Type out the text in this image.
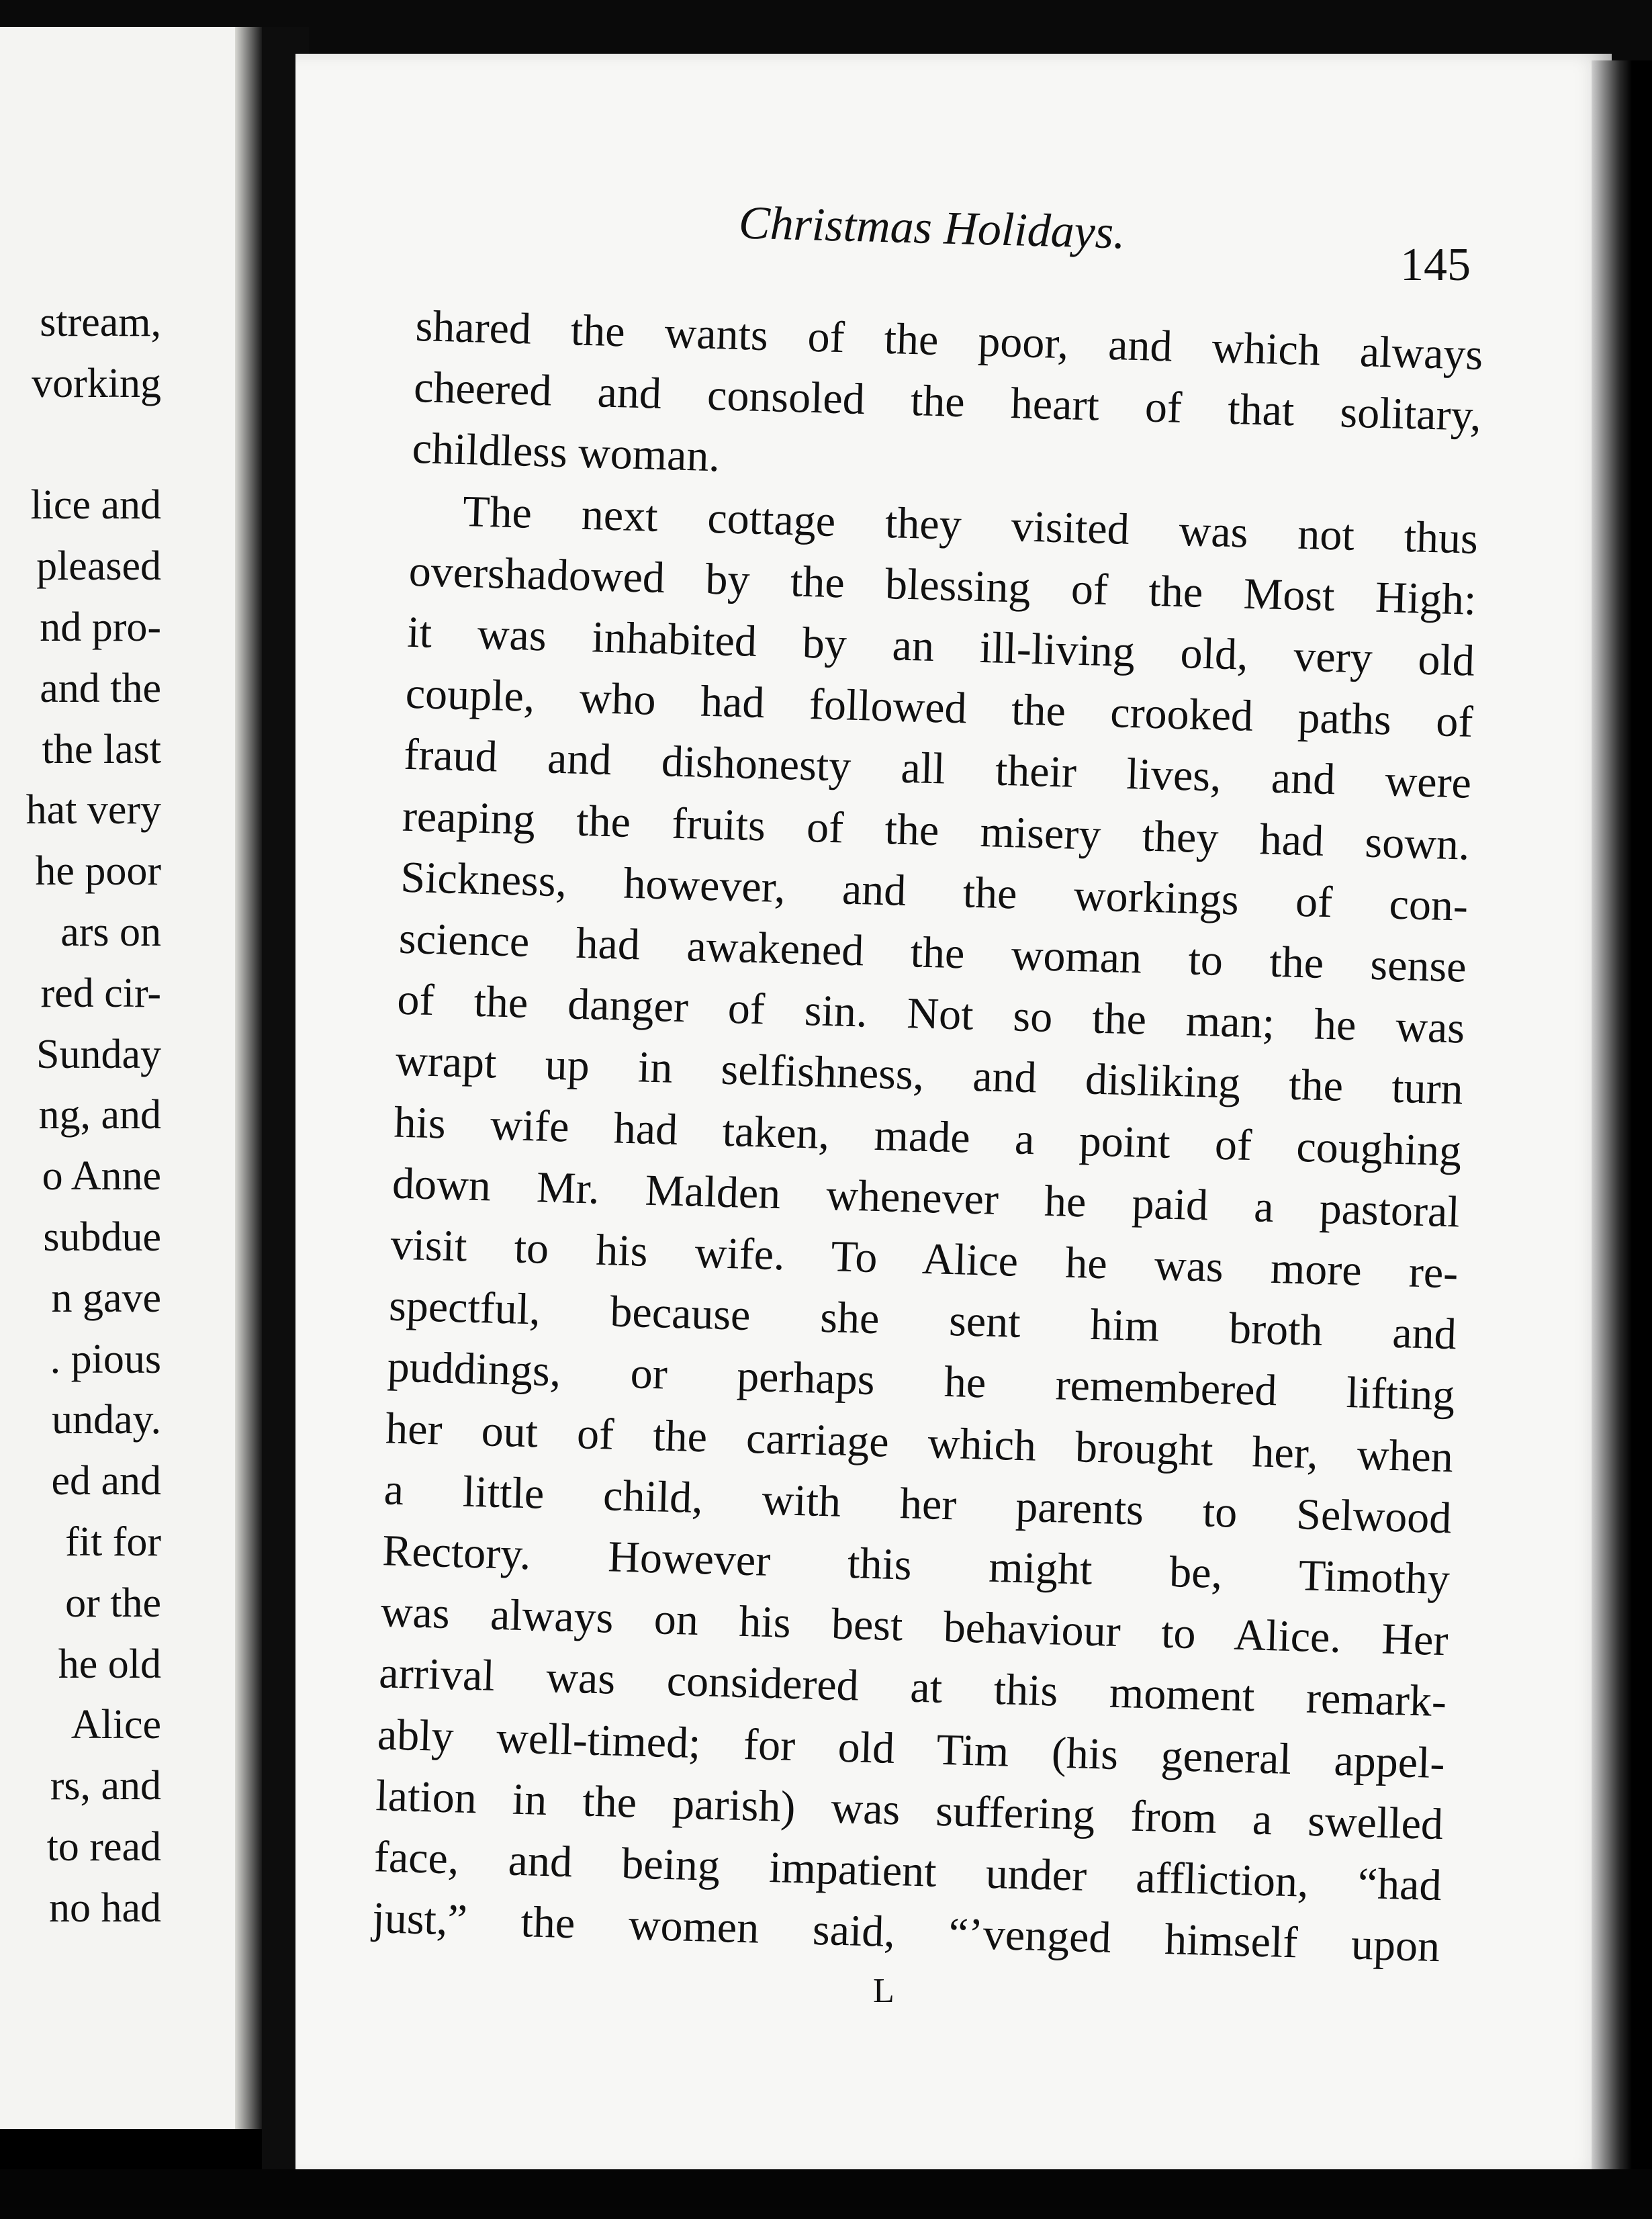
stream,
vorking

lice and
pleased
nd pro-
and the
the last
hat very
he poor
ars on
red cir-
Sunday
ng, and
o Anne
subdue
n gave
. pious
unday.
ed and
fit for
or the
he old
Alice
rs, and
to read
no had
Christmas Holidays.
145
shared the wants of the poor, and which always
cheered and consoled the heart of that solitary,
childless woman.
The next cottage they visited was not thus
overshadowed by the blessing of the Most High:
it was inhabited by an ill-living old, very old
couple, who had followed the crooked paths of
fraud and dishonesty all their lives, and were
reaping the fruits of the misery they had sown.
Sickness, however, and the workings of con-
science had awakened the woman to the sense
of the danger of sin. Not so the man; he was
wrapt up in selfishness, and disliking the turn
his wife had taken, made a point of coughing
down Mr. Malden whenever he paid a pastoral
visit to his wife. To Alice he was more re-
spectful, because she sent him broth and
puddings, or perhaps he remembered lifting
her out of the carriage which brought her, when
a little child, with her parents to Selwood
Rectory. However this might be, Timothy
was always on his best behaviour to Alice. Her
arrival was considered at this moment remark-
ably well-timed; for old Tim (his general appel-
lation in the parish) was suffering from a swelled
face, and being impatient under affliction, “had
just,” the women said, “’venged himself upon
L
